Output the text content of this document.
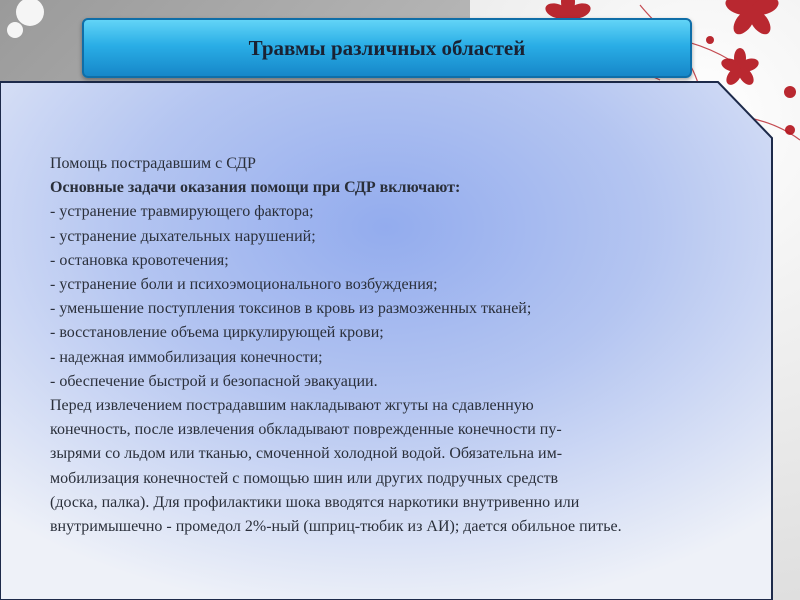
Травмы различных областей
Помощь пострадавшим с СДР
Основные задачи оказания помощи при СДР включают:
- устранение травмирующего фактора;
- устранение дыхательных нарушений;
- остановка кровотечения;
- устранение боли и психоэмоционального возбуждения;
- уменьшение поступления токсинов в кровь из размозженных тканей;
- восстановление объема циркулирующей крови;
- надежная иммобилизация конечности;
- обеспечение быстрой и безопасной эвакуации.
Перед извлечением пострадавшим накладывают жгуты на сдавленную
конечность, после извлечения обкладывают поврежденные конечности пу-
зырями со льдом или тканью, смоченной холодной водой. Обязательна им-
мобилизация конечностей с помощью шин или других подручных средств
(доска, палка). Для профилактики шока вводятся наркотики внутривенно или
внутримышечно - промедол 2%-ный (шприц-тюбик из АИ); дается обильное питье.
